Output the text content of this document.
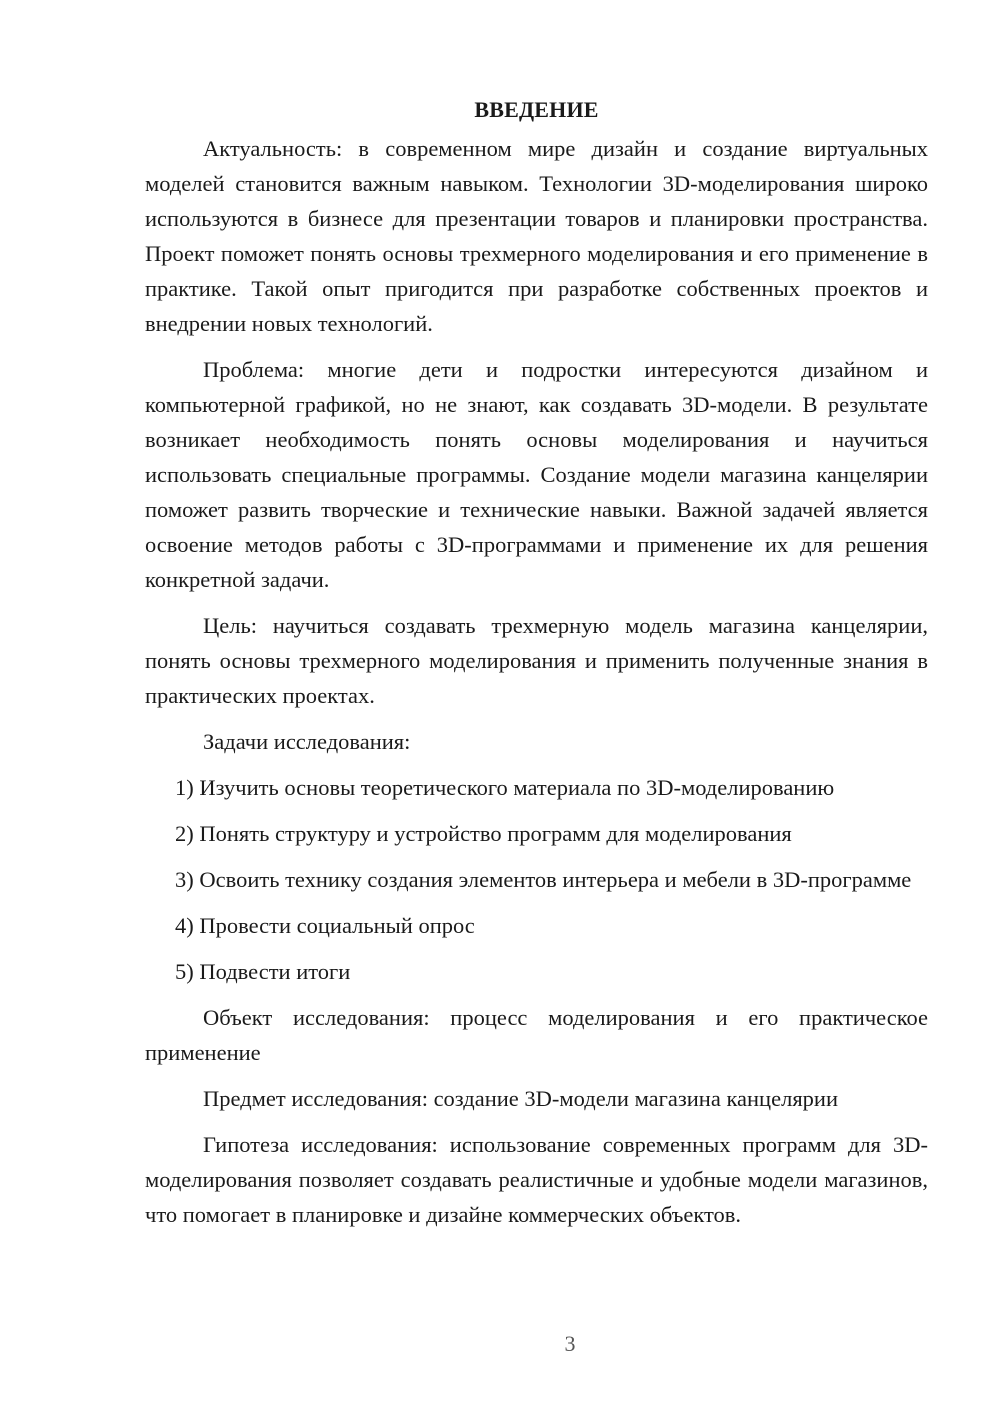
ВВЕДЕНИЕ

Актуальность: в современном мире дизайн и создание виртуальных моделей становится важным навыком. Технологии 3D-моделирования широко используются в бизнесе для презентации товаров и планировки пространства. Проект поможет понять основы трехмерного моделирования и его применение в практике. Такой опыт пригодится при разработке собственных проектов и внедрении новых технологий.

Проблема: многие дети и подростки интересуются дизайном и компьютерной графикой, но не знают, как создавать 3D-модели. В результате возникает необходимость понять основы моделирования и научиться использовать специальные программы. Создание модели магазина канцелярии поможет развить творческие и технические навыки. Важной задачей является освоение методов работы с 3D-программами и применение их для решения конкретной задачи.

Цель: научиться создавать трехмерную модель магазина канцелярии, понять основы трехмерного моделирования и применить полученные знания в практических проектах.

Задачи исследования:

1) Изучить основы теоретического материала по 3D-моделированию

2) Понять структуру и устройство программ для моделирования

3) Освоить технику создания элементов интерьера и мебели в 3D-программе

4) Провести социальный опрос

5) Подвести итоги

Объект исследования: процесс моделирования и его практическое применение

Предмет исследования: создание 3D-модели магазина канцелярии

Гипотеза исследования: использование современных программ для 3D-моделирования позволяет создавать реалистичные и удобные модели магазинов, что помогает в планировке и дизайне коммерческих объектов.

3
